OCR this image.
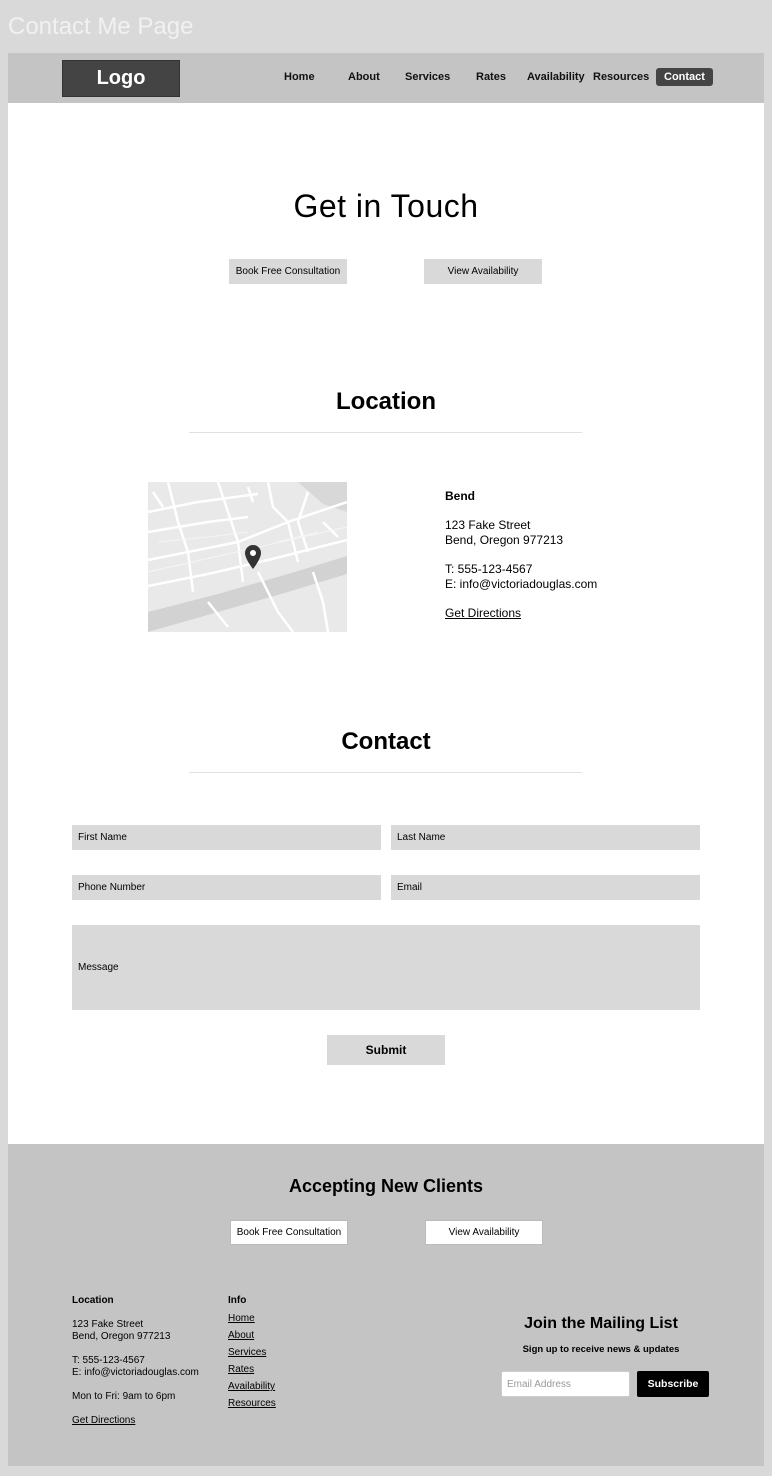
Contact Me Page
Logo	Home	About Services Rates Availability Resources	Contact
Get in Touch
Book Free Consultation	View Availability
Location
Bend
123 Fake Street
Bend, Oregon 977213
T: 555-123-4567
E: info@victoriadouglas.com
Get Directions
Contact
First Name	Last Name
Phone Number	Email
Message
Submit
Accepting New Clients
Book Free Consultation	View Availability
Location
123 Fake Street
Bend, Oregon 977213
T: 555-123-4567
E: info@victoriadouglas.com
Mon to Fri: 9am to 6pm
Get Directions
Info
Home
About
Services
Rates
Availability
Resources
Join the Mailing List
Sign up to receive news & updates
Email Address	Subscribe
